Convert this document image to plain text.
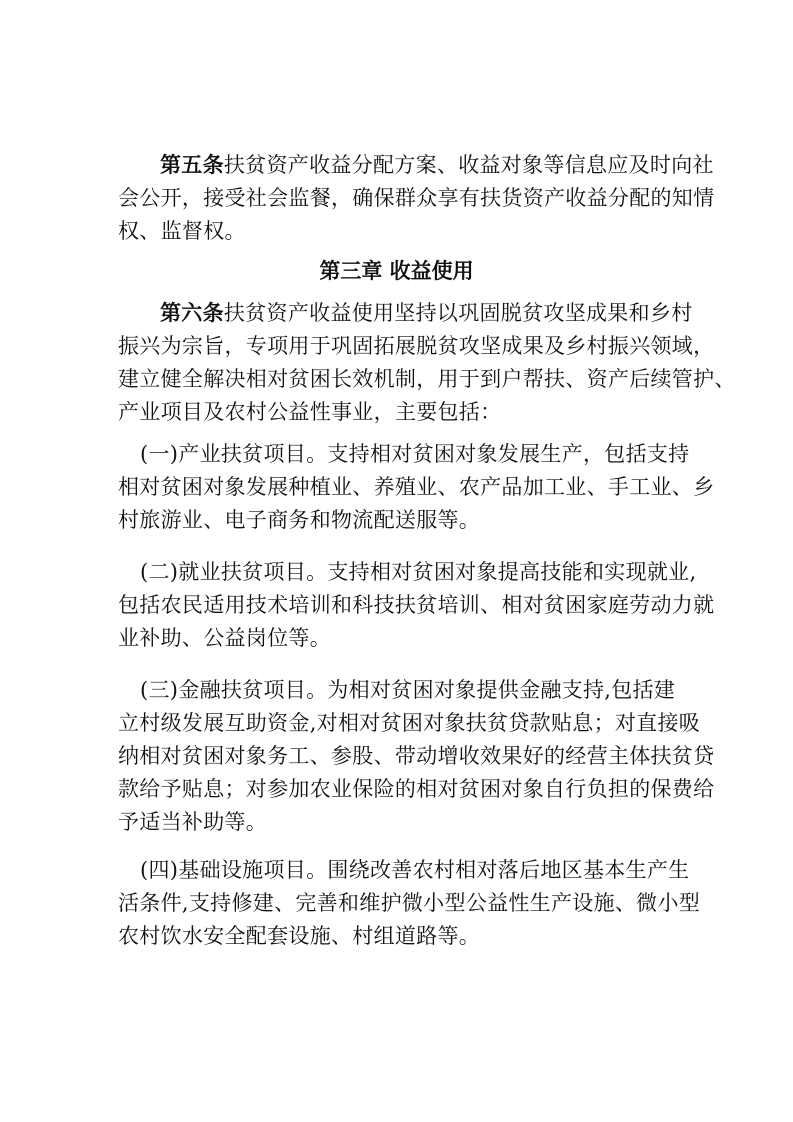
第五条扶贫资产收益分配方案、收益对象等信息应及时向社

会公开，接受社会监餐，确保群众享有扶货资产收益分配的知情

权、监督权。

第三章 收益使用

第六条扶贫资产收益使用坚持以巩固脱贫攻坚成果和乡村

振兴为宗旨，专项用于巩固拓展脱贫攻坚成果及乡村振兴领域，

建立健全解决相对贫困长效机制，用于到户帮扶、资产后续管护、

产业项目及农村公益性事业，主要包括：

(一)产业扶贫项目。支持相对贫困对象发展生产，包括支持

相对贫困对象发展种植业、养殖业、农产品加工业、手工业、乡

村旅游业、电子商务和物流配送服等。

(二)就业扶贫项目。支持相对贫困对象提高技能和实现就业,

包括农民适用技术培训和科技扶贫培训、相对贫困家庭劳动力就

业补助、公益岗位等。

(三)金融扶贫项目。为相对贫困对象提供金融支持,包括建

立村级发展互助资金,对相对贫困对象扶贫贷款贴息；对直接吸

纳相对贫困对象务工、参股、带动增收效果好的经营主体扶贫贷

款给予贴息；对参加农业保险的相对贫困对象自行负担的保费给

予适当补助等。

(四)基础设施项目。围绕改善农村相对落后地区基本生产生

活条件,支持修建、完善和维护微小型公益性生产设施、微小型

农村饮水安全配套设施、村组道路等。
